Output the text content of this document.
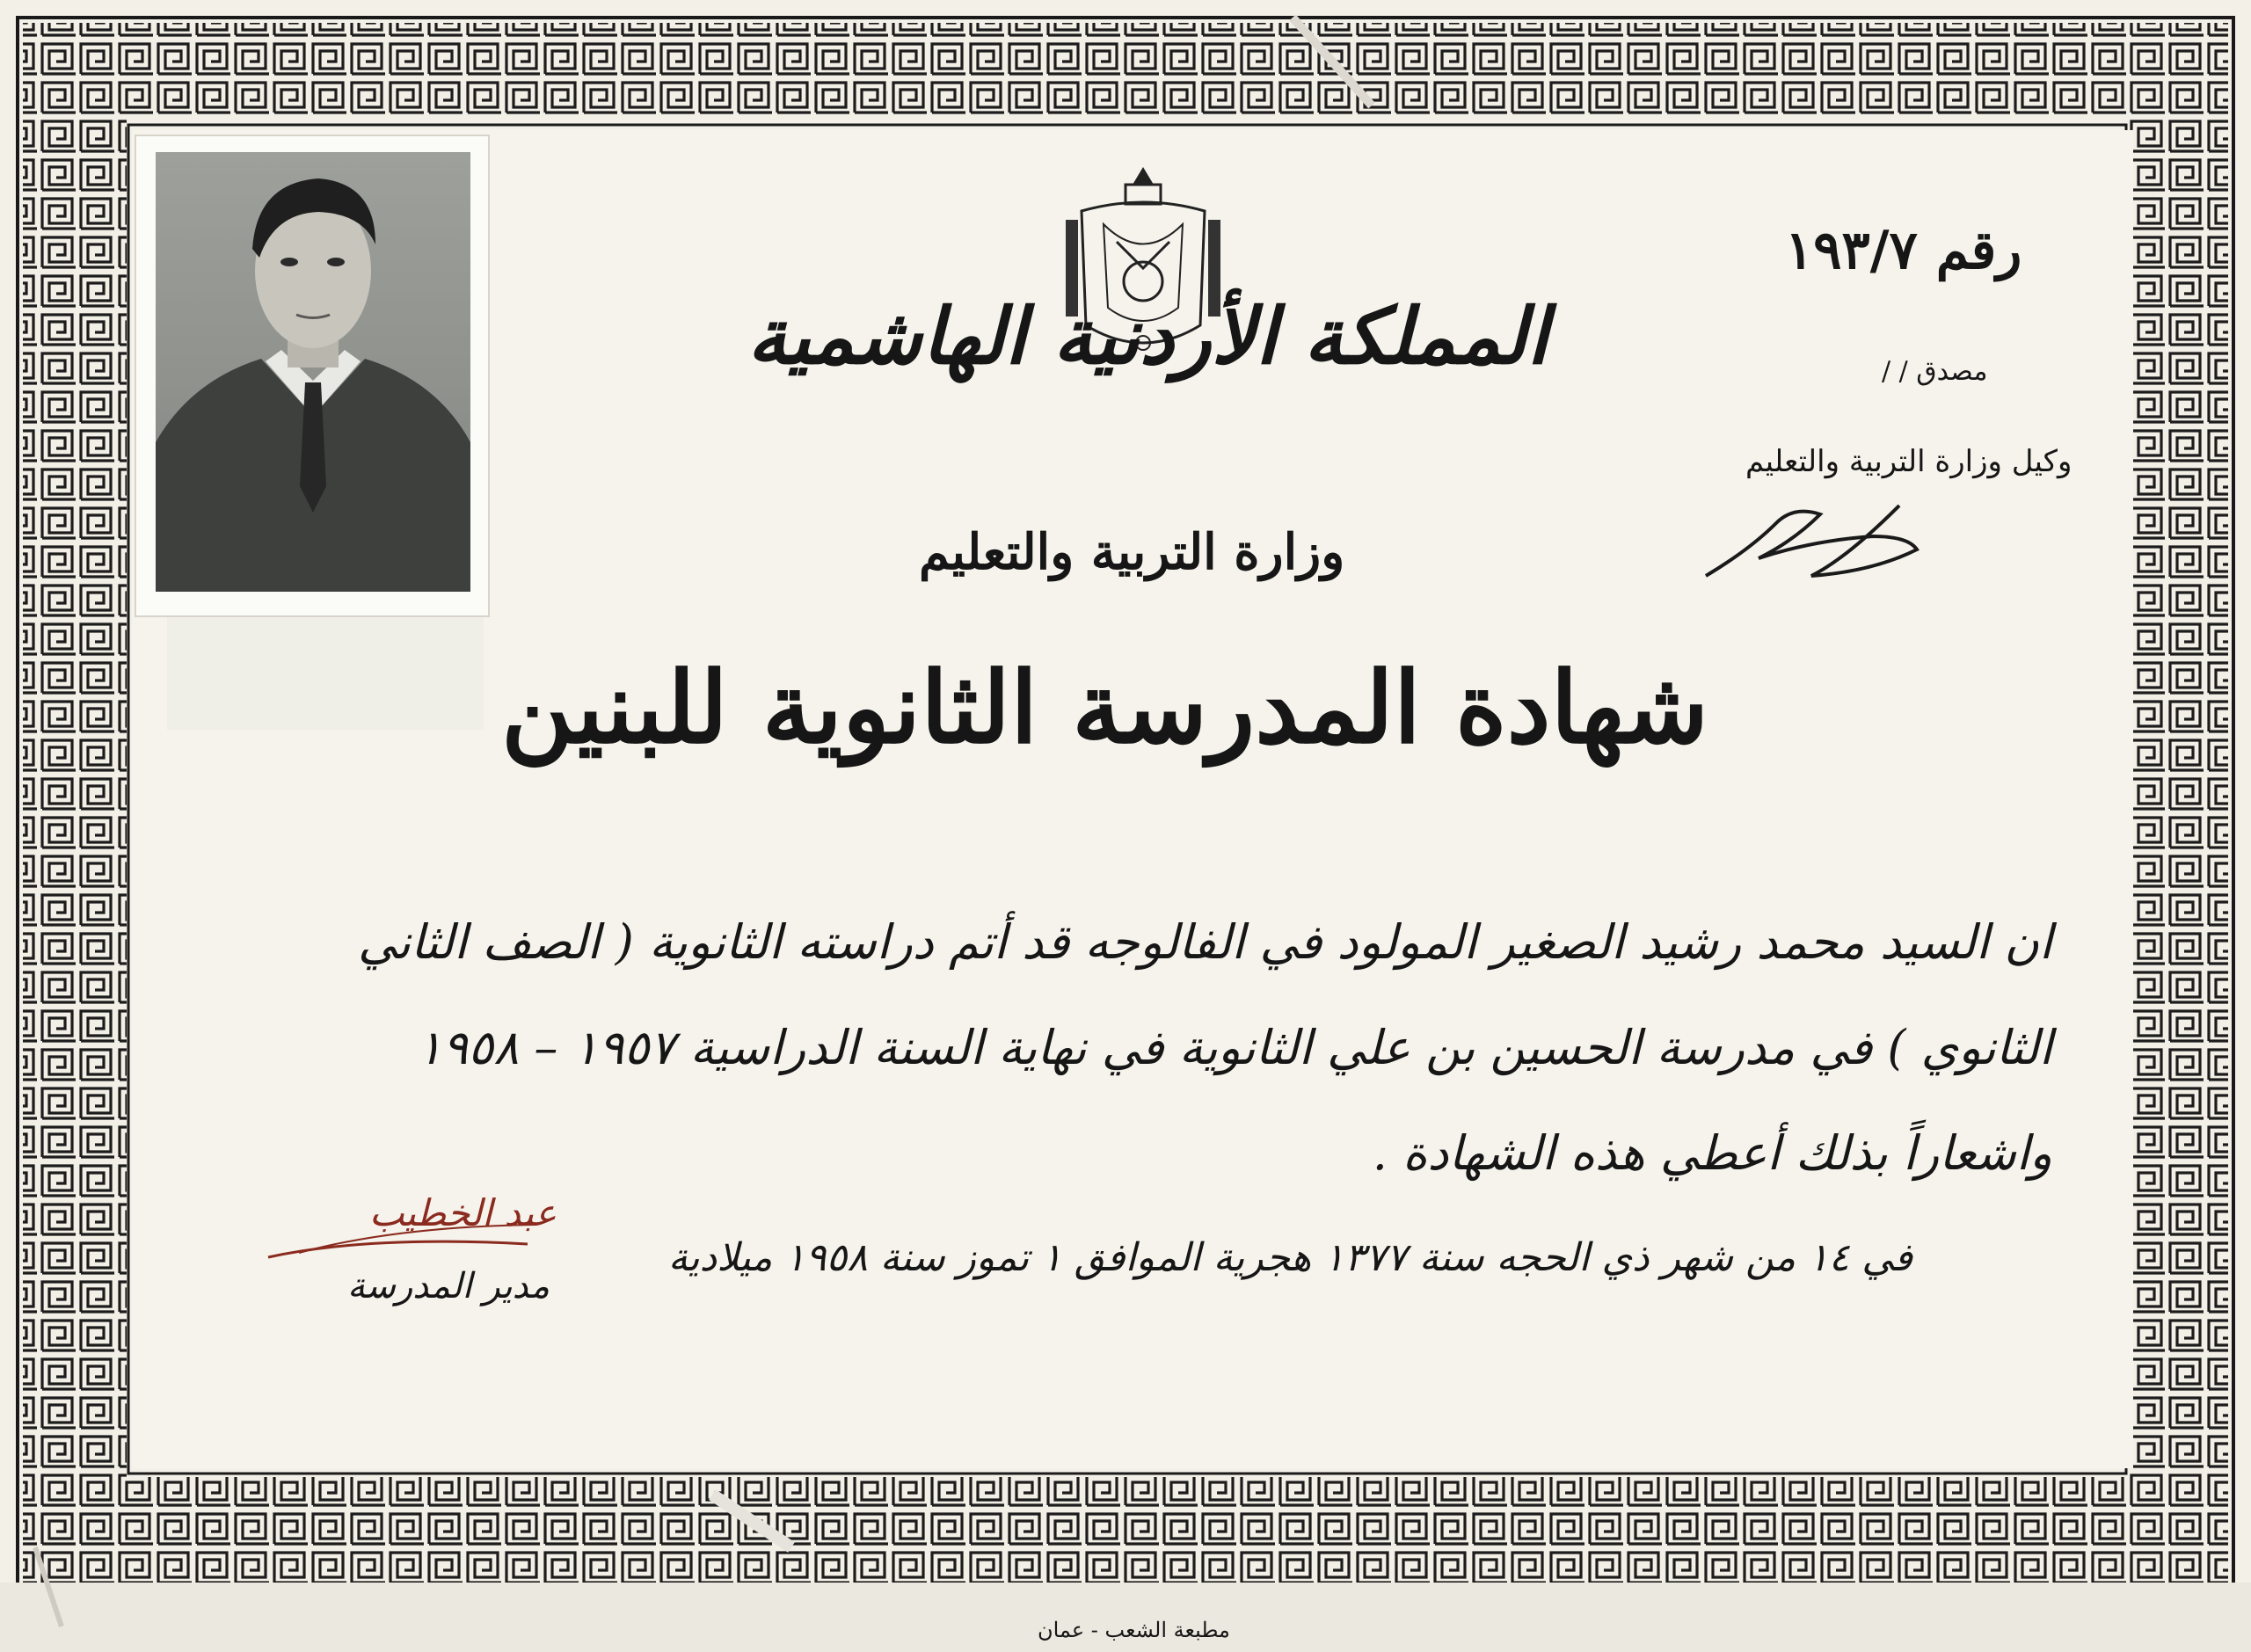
رقم ١٩٣/٧
مصدق / /
وكيل وزارة التربية والتعليم
المملكة الأردنية الهاشمية
وزارة التربية والتعليم
شهادة المدرسة الثانوية للبنين
ان السيد محمد رشيد الصغير المولود في الفالوجه قد أتم دراسته الثانوية ( الصف الثاني
الثانوي ) في مدرسة الحسين بن علي الثانوية في نهاية السنة الدراسية ١٩٥٧ – ١٩٥٨
واشعاراً بذلك أعطي هذه الشهادة .
في ١٤ من شهر ذي الحجه سنة ١٣٧٧ هجرية الموافق ١ تموز سنة ١٩٥٨ ميلادية
عبد الخطيب
مدير المدرسة
مطبعة الشعب - عمان
